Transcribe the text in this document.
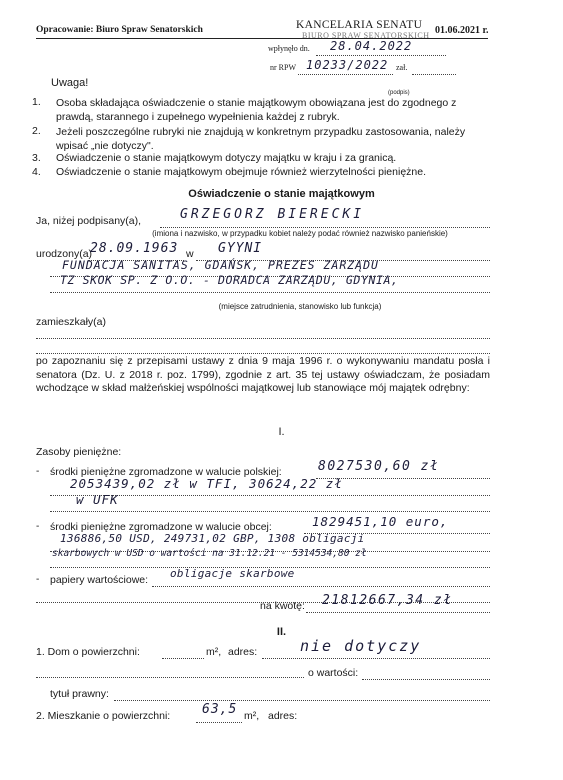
Opracowanie: Biuro Spraw Senatorskich	KANCELARIA SENATU
BIURO SPRAW SENATORSKICH 01.06.2021 r.
wpłynęło dn. 28.04.2022
nr RPW 10233/2022 zał.
Uwaga!
1. Osoba składająca oświadczenie o stanie majątkowym obowiązana jest do zgodnego z prawdą, starannego i zupełnego wypełnienia każdej z rubryk.
(podpis)
2. Jeżeli poszczególne rubryki nie znajdują w konkretnym przypadku zastosowania, należy wpisać „nie dotyczy".
3. Oświadczenie o stanie majątkowym dotyczy majątku w kraju i za granicą.
4. Oświadczenie o stanie majątkowym obejmuje również wierzytelności pieniężne.
Oświadczenie o stanie majątkowym
Ja, niżej podpisany(a),	GRZEGORZ BIERECKI
(imiona i nazwisko, w przypadku kobiet należy podać również nazwisko panieńskie)
urodzony(a)
28.09.1963 w GYYNI
FUNDACJA SANITAS, GDAŃSK, PREZES ZARZĄDU
TZ SKOK SP. Z O.O. - DORADCA ZARZĄDU, GDYNIA,
(miejsce zatrudnienia, stanowisko lub funkcja)
zamieszkały(a)
po zapoznaniu się z przepisami ustawy z dnia 9 maja 1996 r. o wykonywaniu mandatu posła i senatora (Dz. U. z 2018 r. poz. 1799), zgodnie z art. 35 tej ustawy oświadczam, że posiadam wchodzące w skład małżeńskiej wspólności majątkowej lub stanowiące mój majątek odrębny:
I.
Zasoby pieniężne:
- środki pieniężne zgromadzone w walucie polskiej:	8027530,60 zł
2053439,02 zł w TFI, 30624,22 zł
w UFK
- środki pieniężne zgromadzone w walucie obcej:	1829451,10 euro,
136886,50 USD, 249731,02 GBP, 1308 obligacji
skarbowych w USD o wartości na 31.12.21 - 5314534,80 zł
- papiery wartościowe: obligacje skarbowe
na kwotę: 21812667,34 zł
II.
1. Dom o powierzchni:	m², adres:	nie dotyczy
o wartości:
tytuł prawny:
2. Mieszkanie o powierzchni: 63,5 m², adres:
